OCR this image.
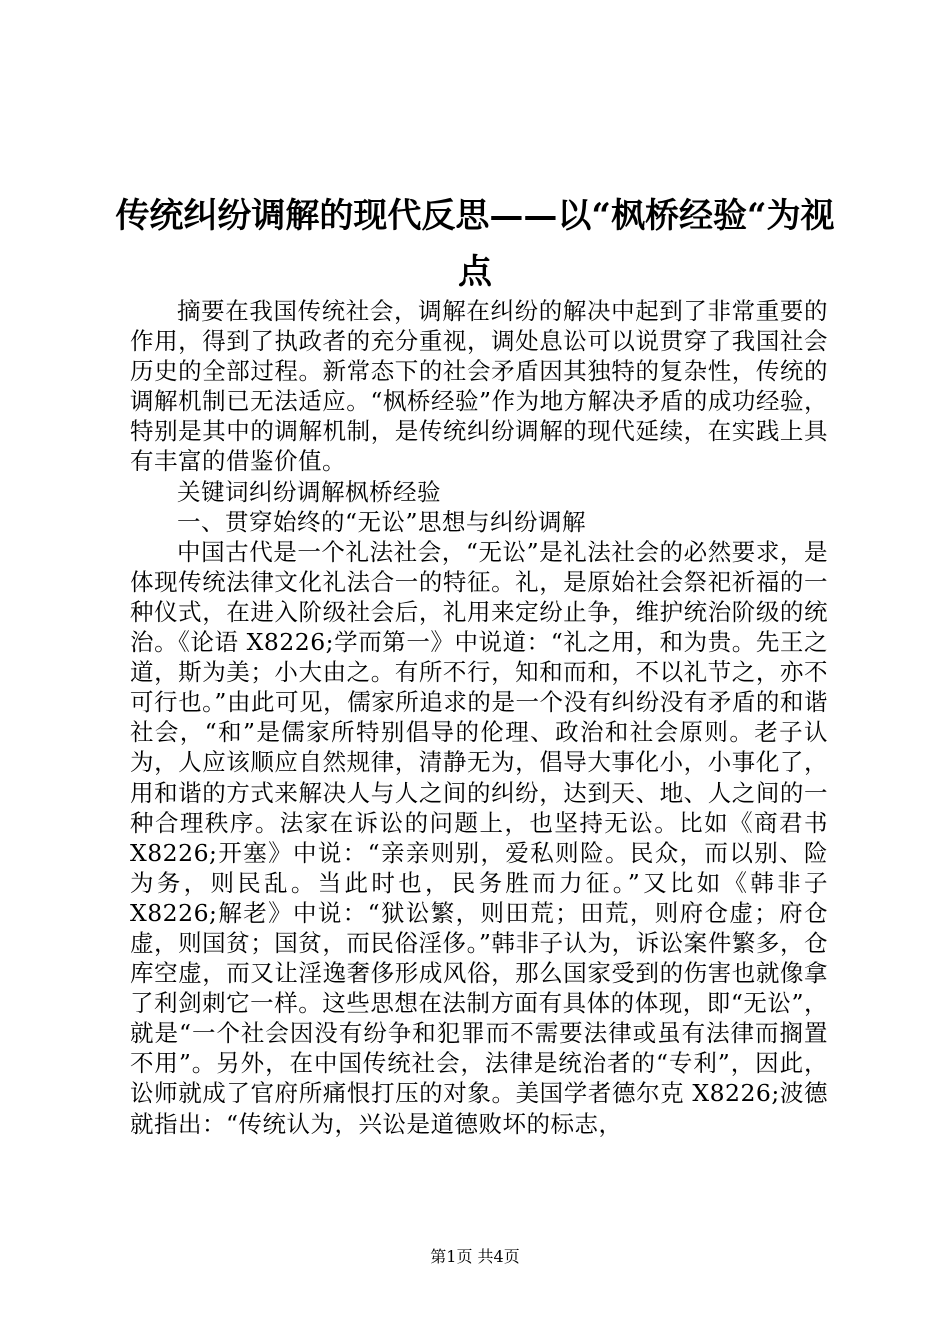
传统纠纷调解的现代反思——以“枫桥经验“为视点

摘要在我国传统社会，调解在纠纷的解决中起到了非常重要的作用，得到了执政者的充分重视，调处息讼可以说贯穿了我国社会历史的全部过程。新常态下的社会矛盾因其独特的复杂性，传统的调解机制已无法适应。“枫桥经验”作为地方解决矛盾的成功经验，特别是其中的调解机制，是传统纠纷调解的现代延续，在实践上具有丰富的借鉴价值。

关键词纠纷调解枫桥经验

一、贯穿始终的“无讼”思想与纠纷调解

中国古代是一个礼法社会，“无讼”是礼法社会的必然要求，是体现传统法律文化礼法合一的特征。礼，是原始社会祭祀祈福的一种仪式，在进入阶级社会后，礼用来定纷止争，维护统治阶级的统治。《论语 X8226;学而第一》中说道：“礼之用，和为贵。先王之道，斯为美；小大由之。有所不行，知和而和，不以礼节之，亦不可行也。”由此可见，儒家所追求的是一个没有纠纷没有矛盾的和谐社会，“和”是儒家所特别倡导的伦理、政治和社会原则。老子认为，人应该顺应自然规律，清静无为，倡导大事化小，小事化了，用和谐的方式来解决人与人之间的纠纷，达到天、地、人之间的一种合理秩序。法家在诉讼的问题上，也坚持无讼。比如《商君书 X8226;开塞》中说：“亲亲则别，爱私则险。民众，而以别、险为务，则民乱。当此时也，民务胜而力征。”又比如《韩非子 X8226;解老》中说：“狱讼繁，则田荒；田荒，则府仓虚；府仓虚，则国贫；国贫，而民俗淫侈。”韩非子认为，诉讼案件繁多，仓库空虚，而又让淫逸奢侈形成风俗，那么国家受到的伤害也就像拿了利剑刺它一样。这些思想在法制方面有具体的体现，即“无讼”，就是“一个社会因没有纷争和犯罪而不需要法律或虽有法律而搁置不用”。另外，在中国传统社会，法律是统治者的“专利”，因此，讼师就成了官府所痛恨打压的对象。美国学者德尔克 X8226;波德就指出：“传统认为，兴讼是道德败坏的标志，

第1页 共4页
